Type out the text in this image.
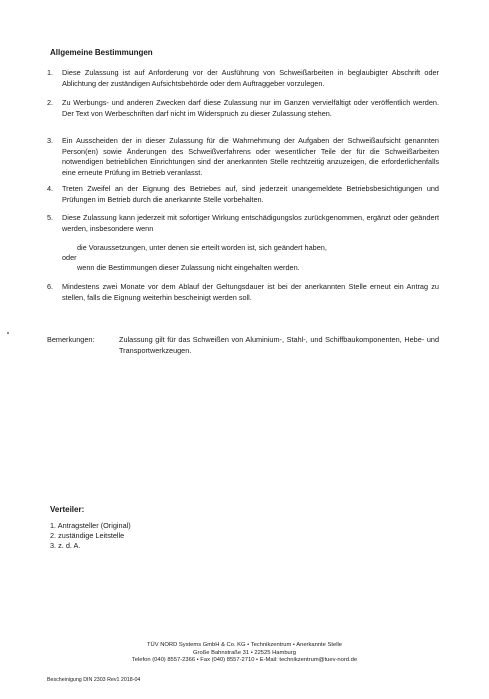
Allgemeine Bestimmungen
1.	Diese Zulassung ist auf Anforderung vor der Ausführung von Schweißarbeiten in beglaubigter Abschrift oder Ablichtung der zuständigen Aufsichtsbehörde oder dem Auftraggeber vorzulegen.
2.	Zu Werbungs- und anderen Zwecken darf diese Zulassung nur im Ganzen vervielfältigt oder veröffentlich werden. Der Text von Werbeschriften darf nicht im Widerspruch zu dieser Zulassung stehen.
3.	Ein Ausscheiden der in dieser Zulassung für die Wahrnehmung der Aufgaben der Schweißaufsicht genannten Person(en) sowie Änderungen des Schweißverfahrens oder wesentlicher Teile der für die Schweißarbeiten notwendigen betrieblichen Einrichtungen sind der anerkannten Stelle rechtzeitig anzuzeigen, die erforderlichenfalls eine erneute Prüfung im Betrieb veranlasst.
4.	Treten Zweifel an der Eignung des Betriebes auf, sind jederzeit unangemeldete Betriebsbesichtigungen und Prüfungen im Betrieb durch die anerkannte Stelle vorbehalten.
5.	Diese Zulassung kann jederzeit mit sofortiger Wirkung entschädigungslos zurückgenommen, ergänzt oder geändert werden, insbesondere wenn
die Voraussetzungen, unter denen sie erteilt worden ist, sich geändert haben,
oder
wenn die Bestimmungen dieser Zulassung nicht eingehalten werden.
6.	Mindestens zwei Monate vor dem Ablauf der Geltungsdauer ist bei der anerkannten Stelle erneut ein Antrag zu stellen, falls die Eignung weiterhin bescheinigt werden soll.
Bemerkungen:	Zulassung gilt für das Schweißen von Aluminium-, Stahl-, und Schiffbaukomponenten, Hebe- und Transportwerkzeugen.
Verteiler:
1. Antragsteller (Original)
2. zuständige Leitstelle
3. z. d. A.
TÜV NORD Systems GmbH & Co. KG • Technikzentrum • Anerkannte Stelle
Große Bahnstraße 31 • 22525 Hamburg
Telefon (040) 8557-2366 • Fax (040) 8557-2710 • E-Mail: technikzentrum@tuev-nord.de
Bescheinigung DIN 2303 Rev1 2018-04
